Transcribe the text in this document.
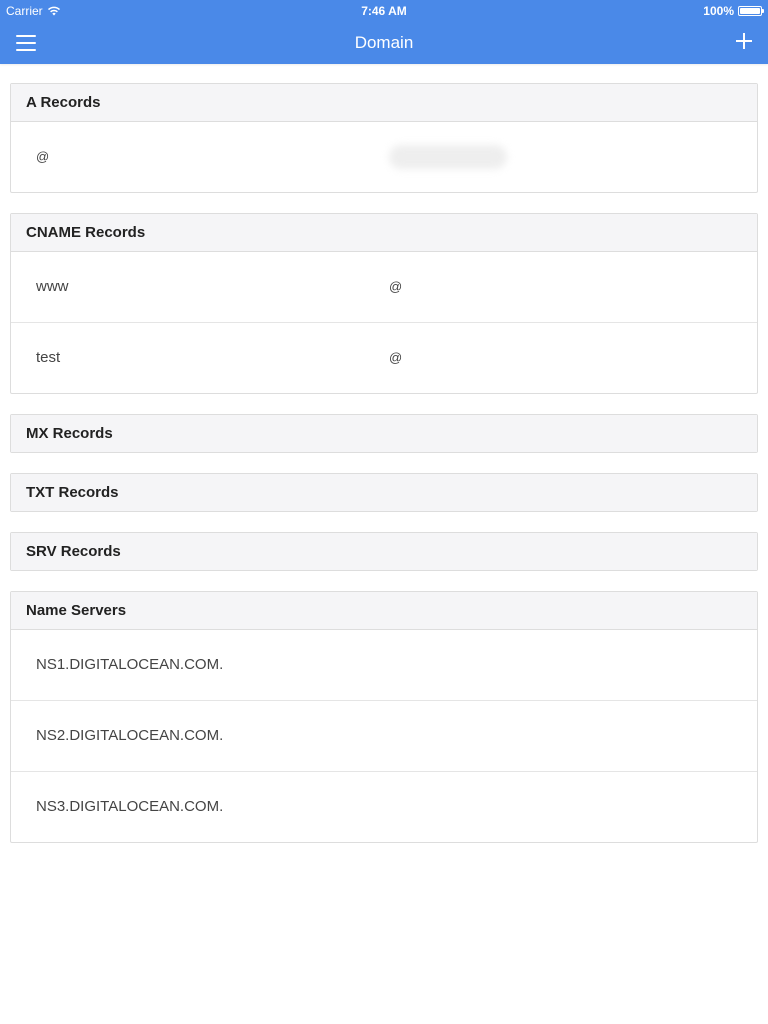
Carrier	7:46 AM	100%
Domain
A Records
@
CNAME Records
www	@
test	@
MX Records
TXT Records
SRV Records
Name Servers
NS1.DIGITALOCEAN.COM.
NS2.DIGITALOCEAN.COM.
NS3.DIGITALOCEAN.COM.
